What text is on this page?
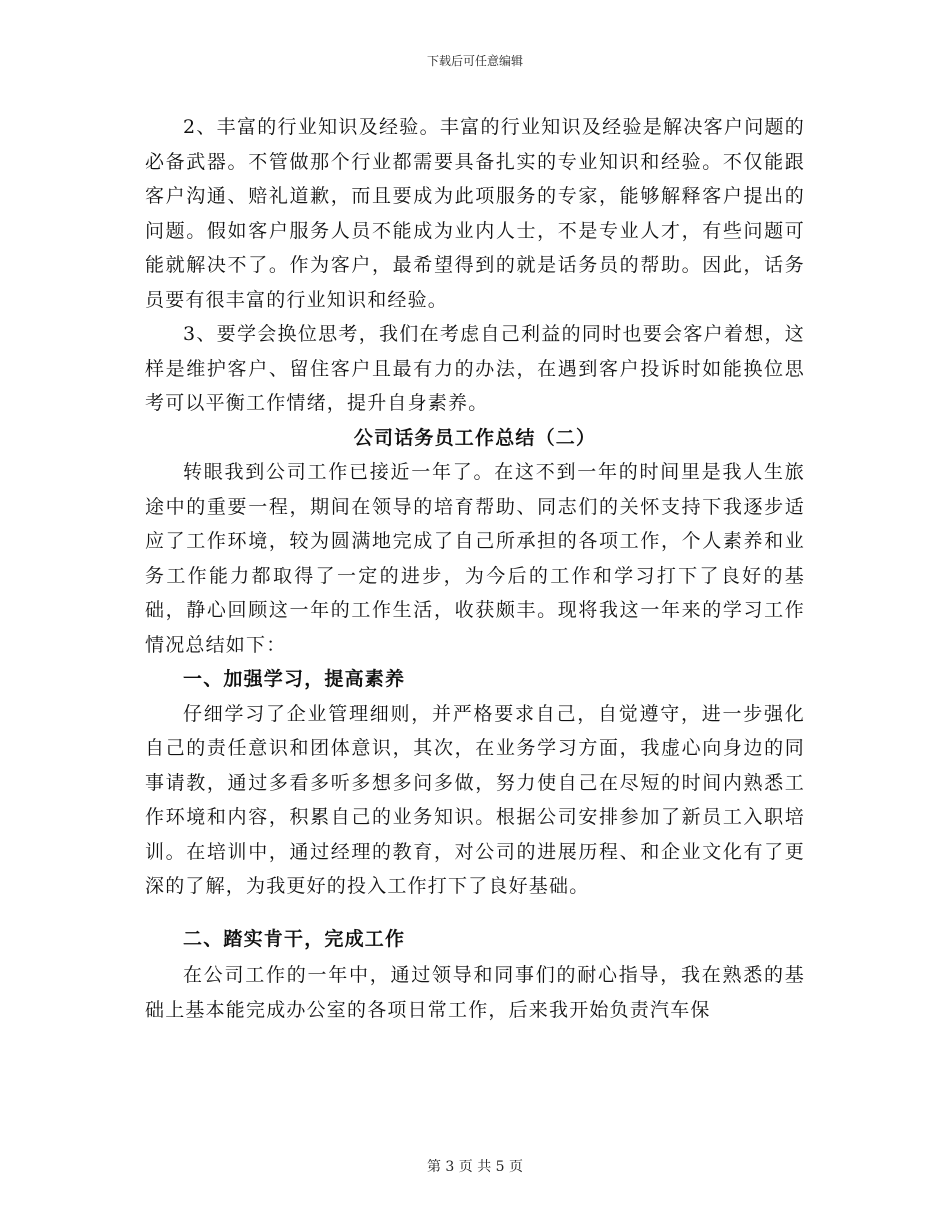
下载后可任意编辑

2、丰富的行业知识及经验。丰富的行业知识及经验是解决客户问题的必备武器。不管做那个行业都需要具备扎实的专业知识和经验。不仅能跟客户沟通、赔礼道歉，而且要成为此项服务的专家，能够解释客户提出的问题。假如客户服务人员不能成为业内人士，不是专业人才，有些问题可能就解决不了。作为客户，最希望得到的就是话务员的帮助。因此，话务员要有很丰富的行业知识和经验。

3、要学会换位思考，我们在考虑自己利益的同时也要会客户着想，这样是维护客户、留住客户且最有力的办法，在遇到客户投诉时如能换位思考可以平衡工作情绪，提升自身素养。

公司话务员工作总结（二）

转眼我到公司工作已接近一年了。在这不到一年的时间里是我人生旅途中的重要一程，期间在领导的培育帮助、同志们的关怀支持下我逐步适应了工作环境，较为圆满地完成了自己所承担的各项工作，个人素养和业务工作能力都取得了一定的进步，为今后的工作和学习打下了良好的基础，静心回顾这一年的工作生活，收获颇丰。现将我这一年来的学习工作情况总结如下：

一、加强学习，提高素养

仔细学习了企业管理细则，并严格要求自己，自觉遵守，进一步强化自己的责任意识和团体意识，其次，在业务学习方面，我虚心向身边的同事请教，通过多看多听多想多问多做，努力使自己在尽短的时间内熟悉工作环境和内容，积累自己的业务知识。根据公司安排参加了新员工入职培训。在培训中，通过经理的教育，对公司的进展历程、和企业文化有了更深的了解，为我更好的投入工作打下了良好基础。

二、踏实肯干，完成工作

在公司工作的一年中，通过领导和同事们的耐心指导，我在熟悉的基础上基本能完成办公室的各项日常工作，后来我开始负责汽车保

第 3 页 共 5 页
